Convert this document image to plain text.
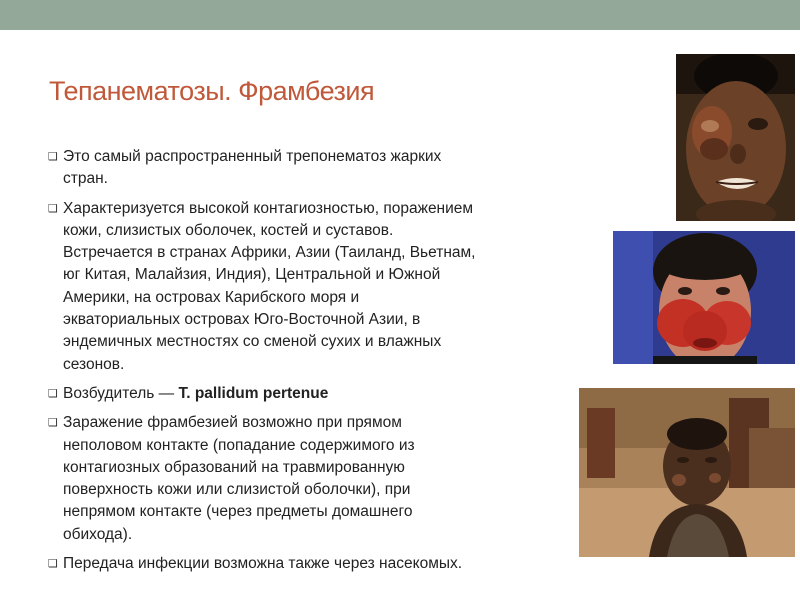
Тепанематозы. Фрамбезия
❑ Это самый распространенный трепонематоз жарких стран.
❑ Характеризуется высокой контагиозностью, поражением кожи, слизистых оболочек, костей и суставов. Встречается в странах Африки, Азии (Таиланд, Вьетнам, юг Китая, Малайзия, Индия), Центральной и Южной Америки, на островах Карибского моря и экваториальных островах Юго-Восточной Азии, в эндемичных местностях со сменой сухих и влажных сезонов.
❑ Возбудитель — T. pallidum pertenue
❑ Заражение фрамбезией возможно при прямом неполовом контакте (попадание содержимого из контагиозных образований на травмированную поверхность кожи или слизистой оболочки), при непрямом контакте (через предметы домашнего обихода).
❑ Передача инфекции возможна также через насекомых.
